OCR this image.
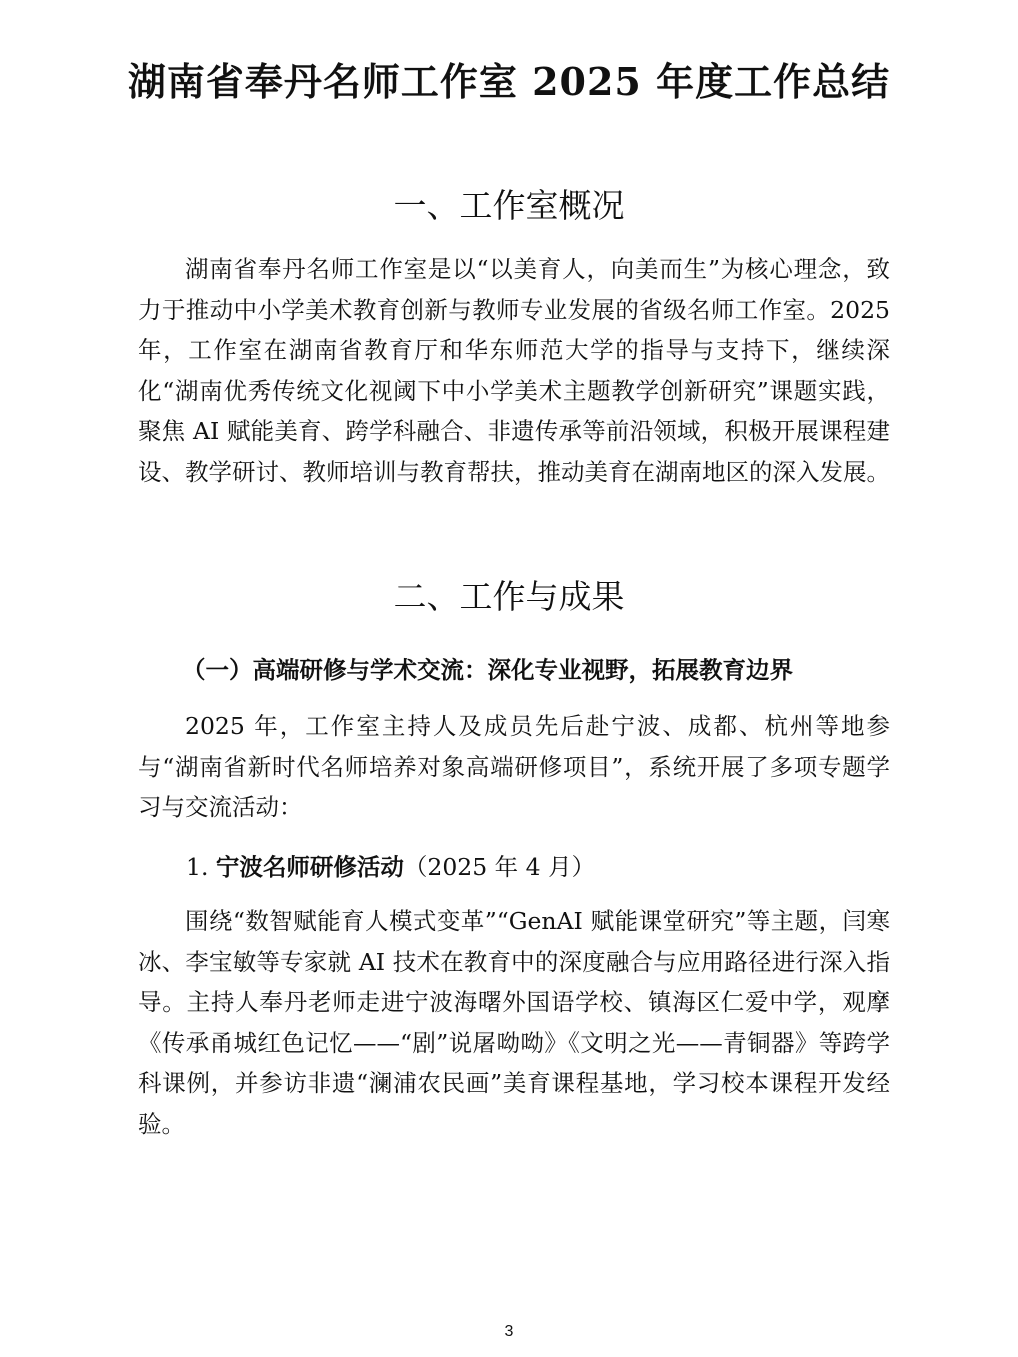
湖南省奉丹名师工作室 2025 年度工作总结
一、工作室概况

湖南省奉丹名师工作室是以“以美育人，向美而生”为核心理念，致力于推动中小学美术教育创新与教师专业发展的省级名师工作室。2025 年，工作室在湖南省教育厅和华东师范大学的指导与支持下，继续深化“湖南优秀传统文化视阈下中小学美术主题教学创新研究”课题实践，聚焦 AI 赋能美育、跨学科融合、非遗传承等前沿领域，积极开展课程建设、教学研讨、教师培训与教育帮扶，推动美育在湖南地区的深入发展。

二、工作与成果
（一）高端研修与学术交流：深化专业视野，拓展教育边界

2025 年，工作室主持人及成员先后赴宁波、成都、杭州等地参与“湖南省新时代名师培养对象高端研修项目”，系统开展了多项专题学习与交流活动：

1. 宁波名师研修活动（2025 年 4 月）

围绕“数智赋能育人模式变革”“GenAI 赋能课堂研究”等主题，闫寒冰、李宝敏等专家就 AI 技术在教育中的深度融合与应用路径进行深入指导。主持人奉丹老师走进宁波海曙外国语学校、镇海区仁爱中学，观摩《传承甬城红色记忆——“剧”说屠呦呦》《文明之光——青铜器》等跨学科课例，并参访非遗“澜浦农民画”美育课程基地，学习校本课程开发经验。

3
